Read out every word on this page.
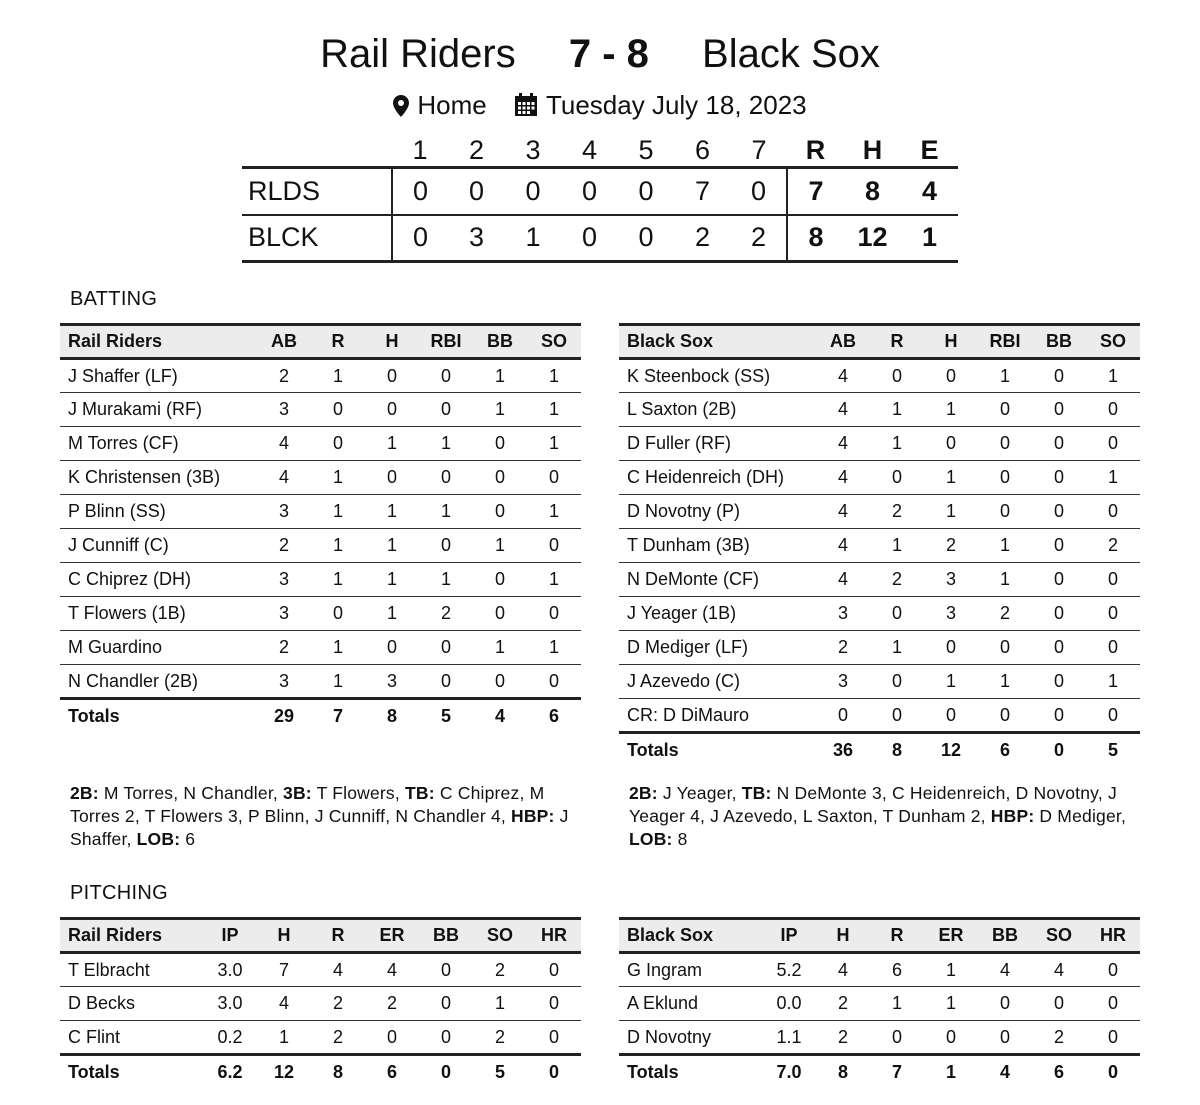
Rail Riders 7 - 8 Black Sox
Home Tuesday July 18, 2023
	1	2	3	4	5	6	7	R	H	E
RLDS	0	0	0	0	0	7	0	7	8	4
BLCK	0	3	1	0	0	2	2	8	12	1
BATTING
Rail Riders	AB	R	H	RBI	BB	SO
J Shaffer (LF)	2	1	0	0	1	1
J Murakami (RF)	3	0	0	0	1	1
M Torres (CF)	4	0	1	1	0	1
K Christensen (3B)	4	1	0	0	0	0
P Blinn (SS)	3	1	1	1	0	1
J Cunniff (C)	2	1	1	0	1	0
C Chiprez (DH)	3	1	1	1	0	1
T Flowers (1B)	3	0	1	2	0	0
M Guardino	2	1	0	0	1	1
N Chandler (2B)	3	1	3	0	0	0
Totals	29	7	8	5	4	6
Black Sox	AB	R	H	RBI	BB	SO
K Steenbock (SS)	4	0	0	1	0	1
L Saxton (2B)	4	1	1	0	0	0
D Fuller (RF)	4	1	0	0	0	0
C Heidenreich (DH)	4	0	1	0	0	1
D Novotny (P)	4	2	1	0	0	0
T Dunham (3B)	4	1	2	1	0	2
N DeMonte (CF)	4	2	3	1	0	0
J Yeager (1B)	3	0	3	2	0	0
D Mediger (LF)	2	1	0	0	0	0
J Azevedo (C)	3	0	1	1	0	1
CR: D DiMauro	0	0	0	0	0	0
Totals	36	8	12	6	0	5
2B: M Torres, N Chandler, 3B: T Flowers, TB: C Chiprez, M Torres 2, T Flowers 3, P Blinn, J Cunniff, N Chandler 4, HBP: J Shaffer, LOB: 6
2B: J Yeager, TB: N DeMonte 3, C Heidenreich, D Novotny, J Yeager 4, J Azevedo, L Saxton, T Dunham 2, HBP: D Mediger, LOB: 8
PITCHING
Rail Riders	IP	H	R	ER	BB	SO	HR
T Elbracht	3.0	7	4	4	0	2	0
D Becks	3.0	4	2	2	0	1	0
C Flint	0.2	1	2	0	0	2	0
Totals	6.2	12	8	6	0	5	0
Black Sox	IP	H	R	ER	BB	SO	HR
G Ingram	5.2	4	6	1	4	4	0
A Eklund	0.0	2	1	1	0	0	0
D Novotny	1.1	2	0	0	0	2	0
Totals	7.0	8	7	1	4	6	0
